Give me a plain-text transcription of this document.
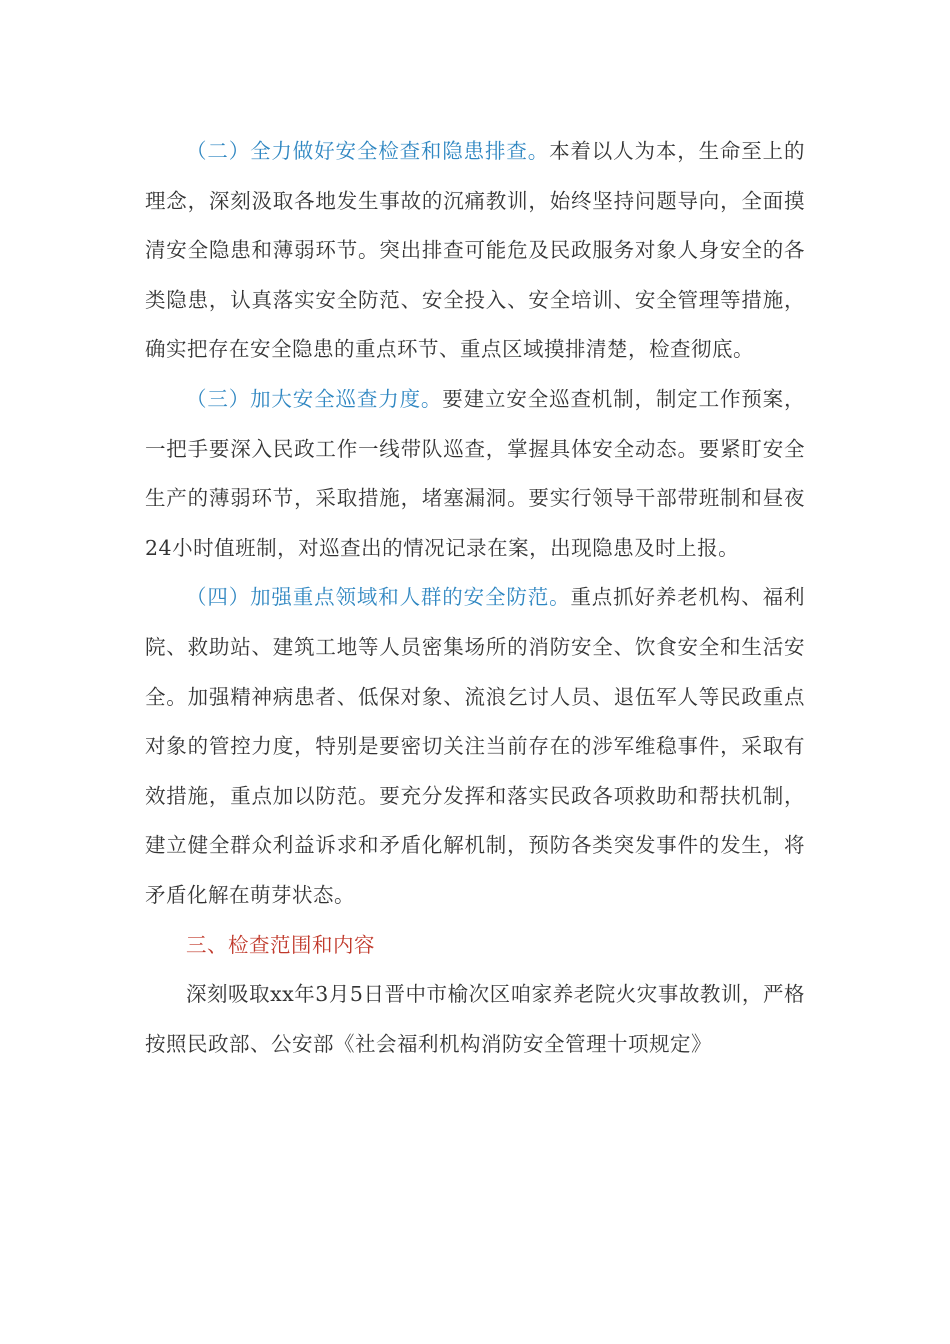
（二）全力做好安全检查和隐患排查。本着以人为本，生命至上的理念，深刻汲取各地发生事故的沉痛教训，始终坚持问题导向，全面摸清安全隐患和薄弱环节。突出排查可能危及民政服务对象人身安全的各类隐患，认真落实安全防范、安全投入、安全培训、安全管理等措施，确实把存在安全隐患的重点环节、重点区域摸排清楚，检查彻底。

（三）加大安全巡查力度。要建立安全巡查机制，制定工作预案，一把手要深入民政工作一线带队巡查，掌握具体安全动态。要紧盯安全生产的薄弱环节，采取措施，堵塞漏洞。要实行领导干部带班制和昼夜24小时值班制，对巡查出的情况记录在案，出现隐患及时上报。

（四）加强重点领域和人群的安全防范。重点抓好养老机构、福利院、救助站、建筑工地等人员密集场所的消防安全、饮食安全和生活安全。加强精神病患者、低保对象、流浪乞讨人员、退伍军人等民政重点对象的管控力度，特别是要密切关注当前存在的涉军维稳事件，采取有效措施，重点加以防范。要充分发挥和落实民政各项救助和帮扶机制，建立健全群众利益诉求和矛盾化解机制，预防各类突发事件的发生，将矛盾化解在萌芽状态。

三、检查范围和内容

深刻吸取xx年3月5日晋中市榆次区咱家养老院火灾事故教训，严格按照民政部、公安部《社会福利机构消防安全管理十项规定》
